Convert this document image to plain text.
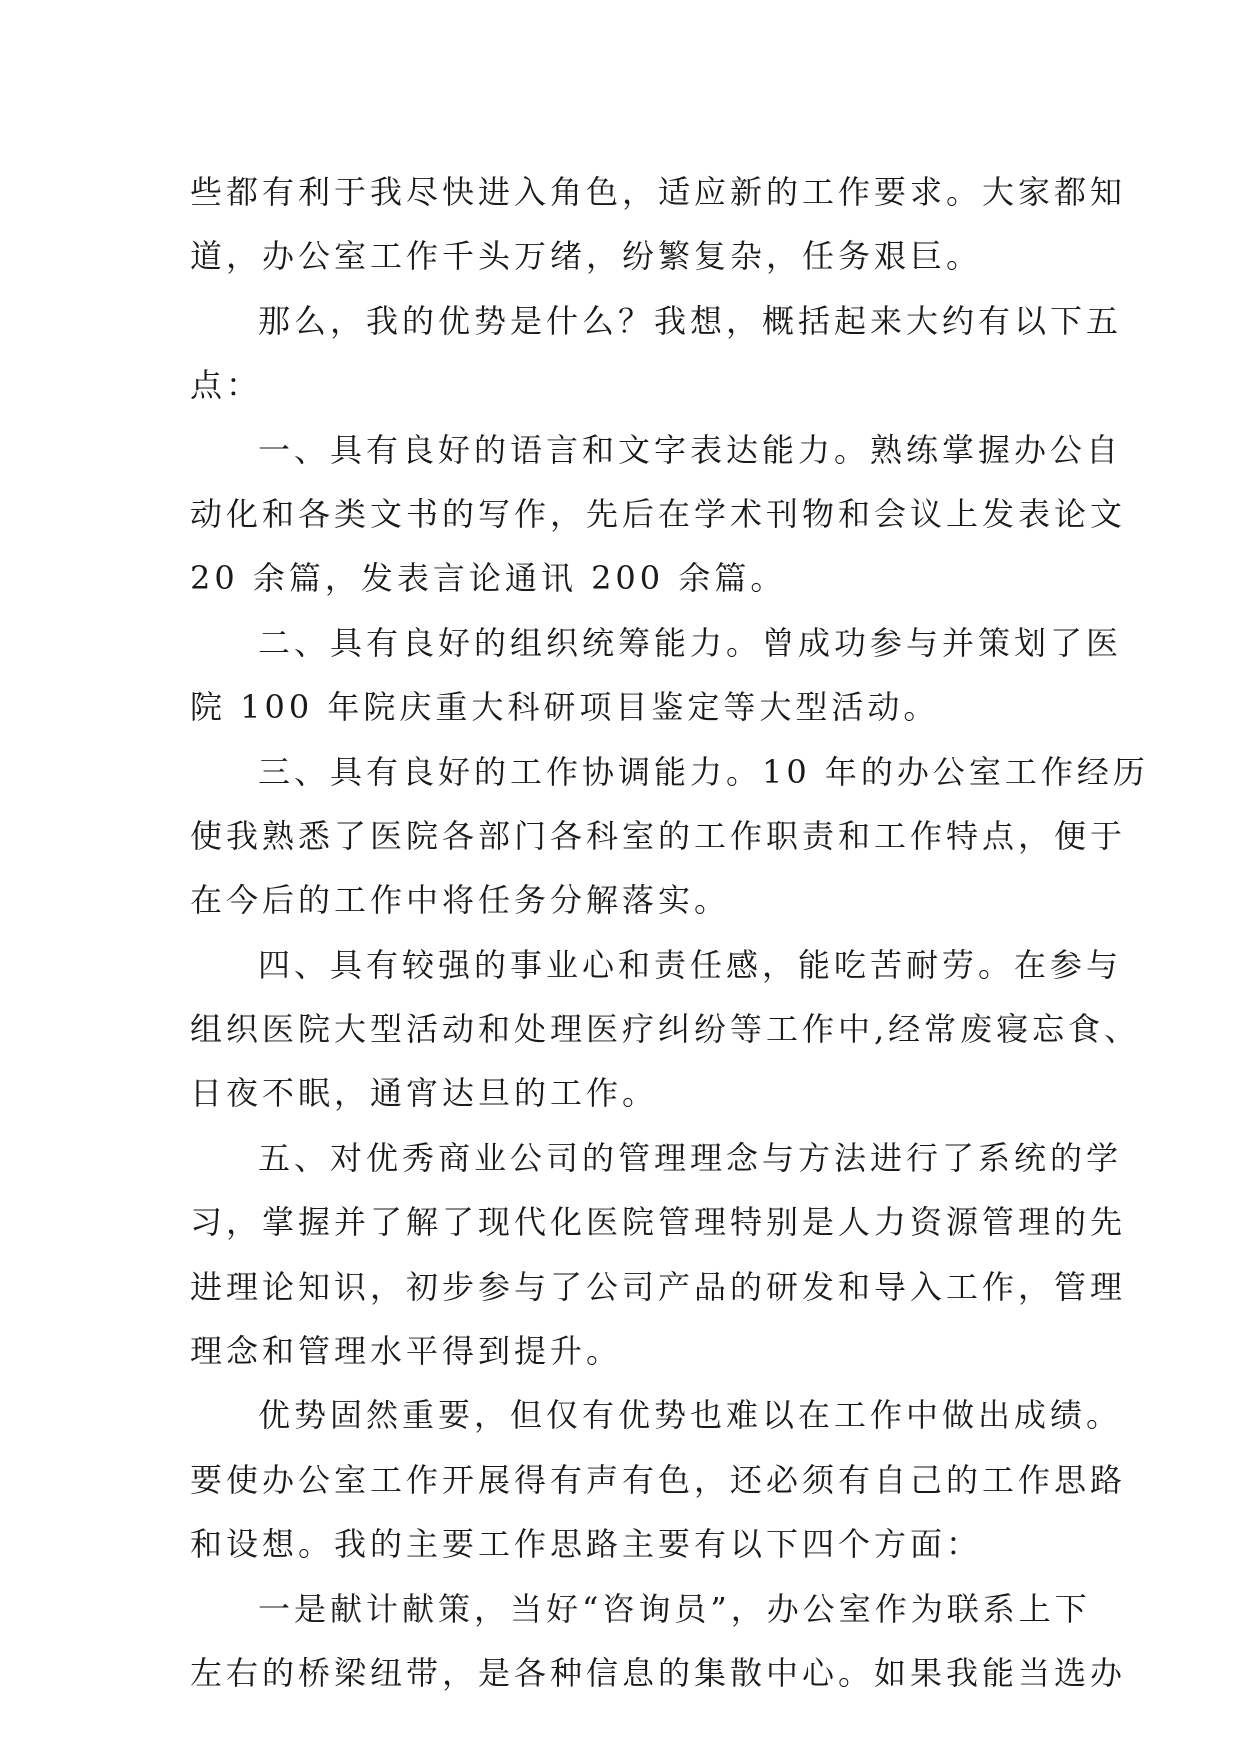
些都有利于我尽快进入角色，适应新的工作要求。大家都知
道，办公室工作千头万绪，纷繁复杂，任务艰巨。
那么，我的优势是什么？我想，概括起来大约有以下五
点：
一、具有良好的语言和文字表达能力。熟练掌握办公自
动化和各类文书的写作，先后在学术刊物和会议上发表论文
20 余篇，发表言论通讯 200 余篇。
二、具有良好的组织统筹能力。曾成功参与并策划了医
院 100 年院庆重大科研项目鉴定等大型活动。
三、具有良好的工作协调能力。10 年的办公室工作经历
使我熟悉了医院各部门各科室的工作职责和工作特点，便于
在今后的工作中将任务分解落实。
四、具有较强的事业心和责任感，能吃苦耐劳。在参与
组织医院大型活动和处理医疗纠纷等工作中,经常废寝忘食、
日夜不眠，通宵达旦的工作。
五、对优秀商业公司的管理理念与方法进行了系统的学
习，掌握并了解了现代化医院管理特别是人力资源管理的先
进理论知识，初步参与了公司产品的研发和导入工作，管理
理念和管理水平得到提升。
优势固然重要，但仅有优势也难以在工作中做出成绩。
要使办公室工作开展得有声有色，还必须有自己的工作思路
和设想。我的主要工作思路主要有以下四个方面：
一是献计献策，当好“咨询员”，办公室作为联系上下
左右的桥梁纽带，是各种信息的集散中心。如果我能当选办
